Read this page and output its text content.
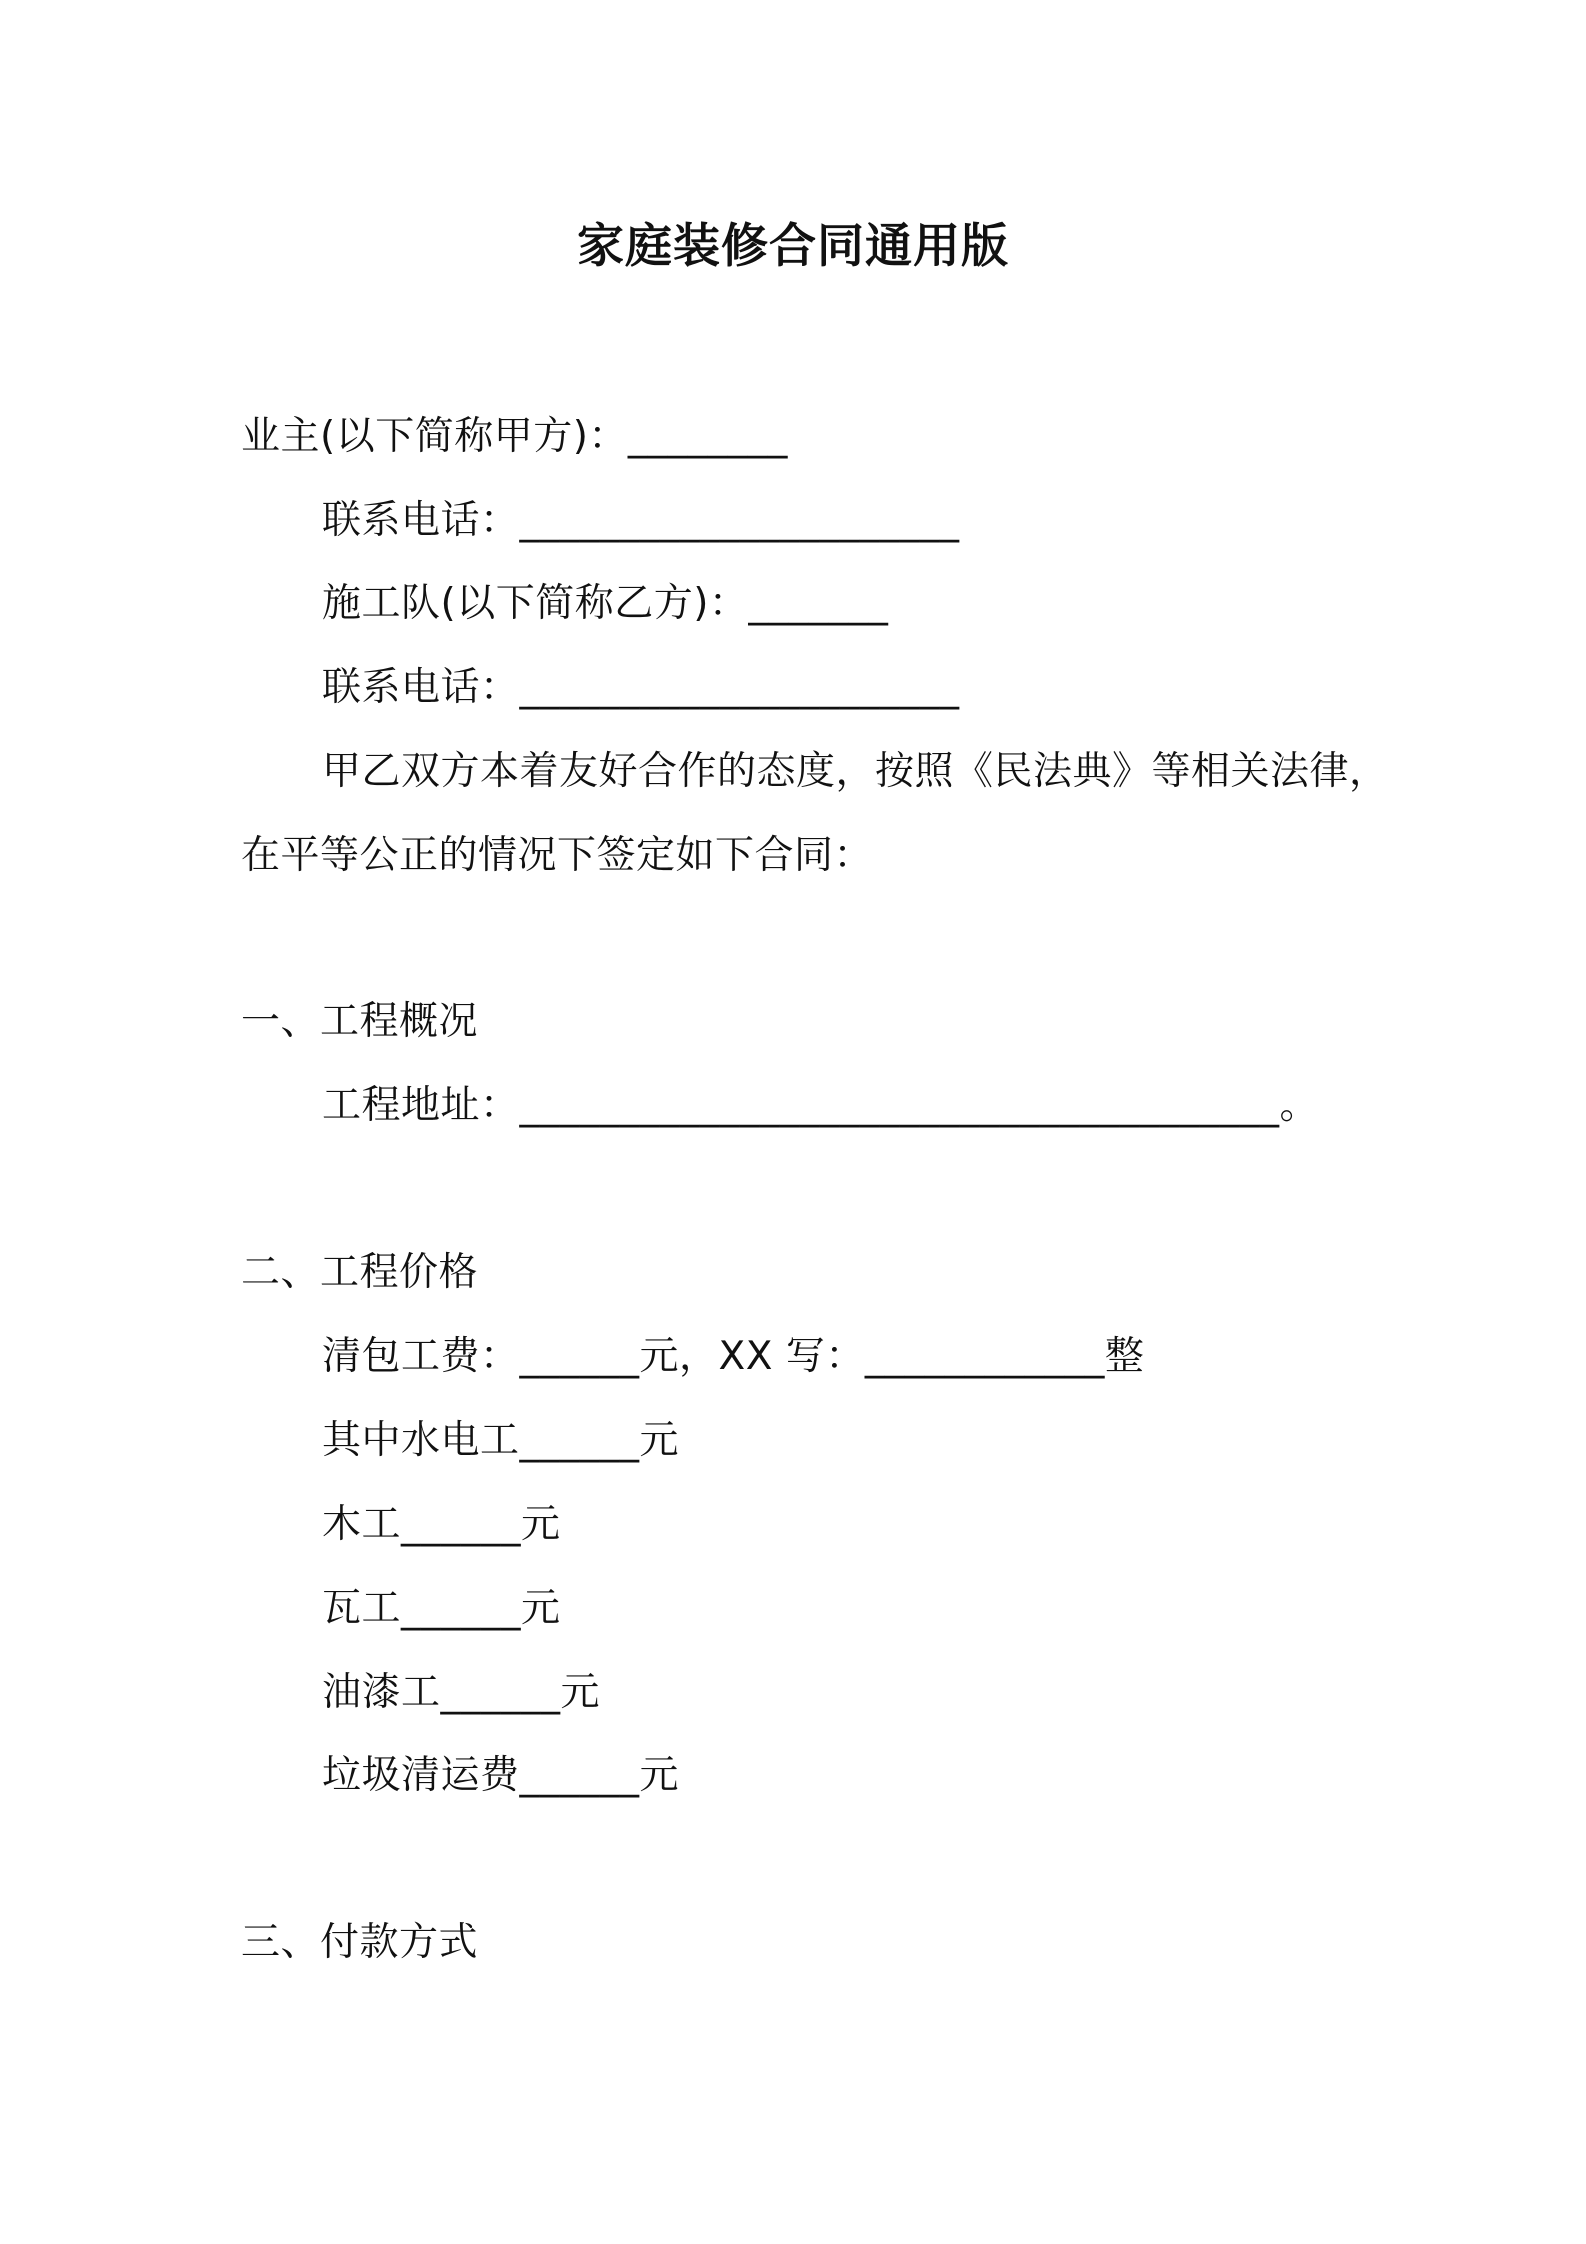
家庭装修合同通用版
业主(以下简称甲方)：________
联系电话：______________________
施工队(以下简称乙方)：_______
联系电话：______________________
甲乙双方本着友好合作的态度，按照《民法典》等相关法律，
在平等公正的情况下签定如下合同：
一、工程概况
工程地址：______________________________________。
二、工程价格
清包工费：______元，XX 写：____________整
其中水电工______元
木工______元
瓦工______元
油漆工______元
垃圾清运费______元
三、付款方式
